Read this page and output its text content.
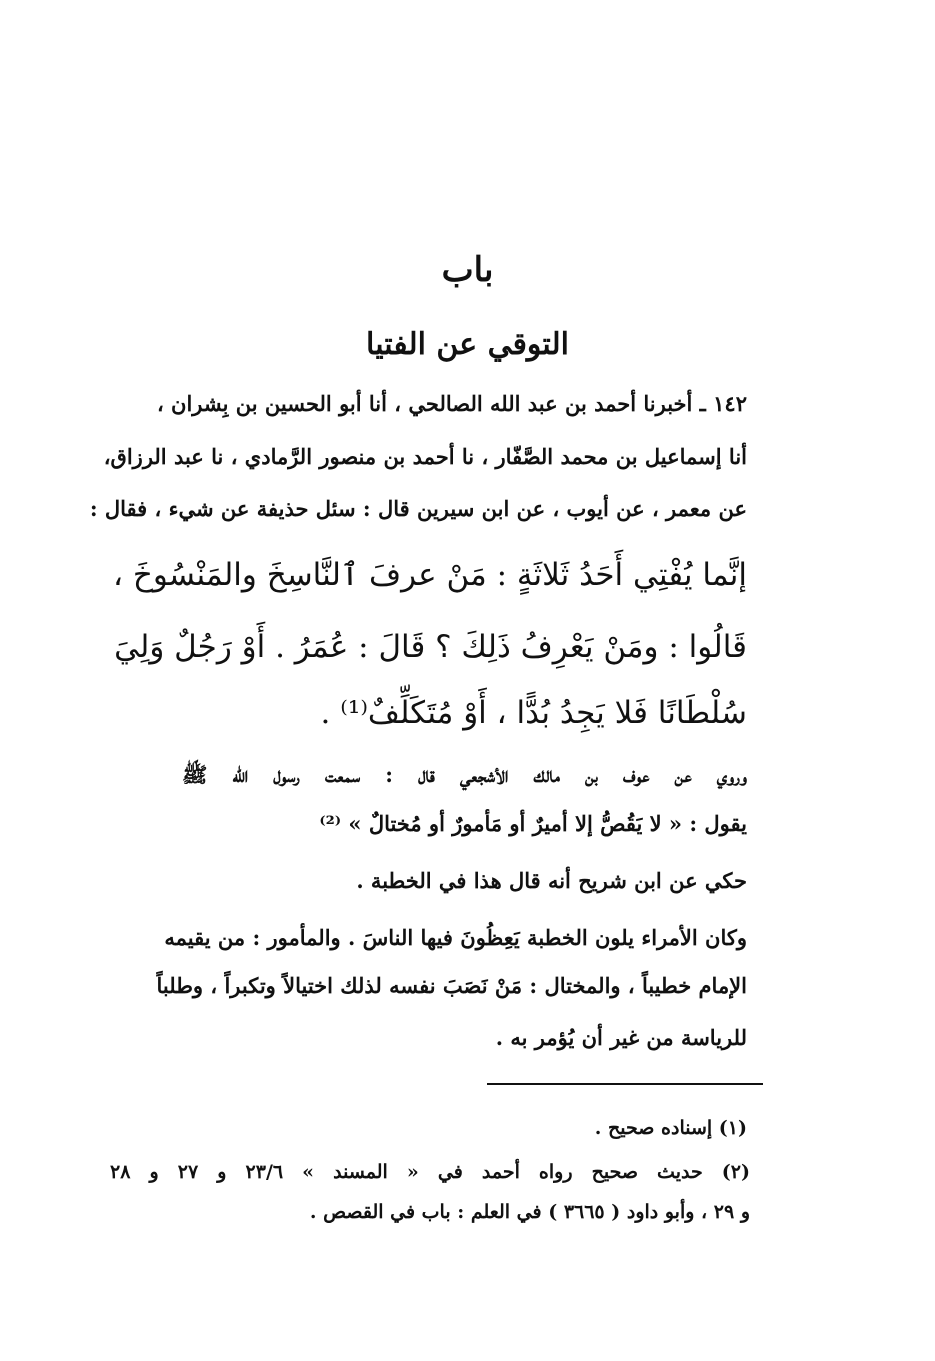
باب
التوقي عن الفتيا
١٤٢ ـ أخبرنا أحمد بن عبد الله الصالحي ، أنا أبو الحسين بن بِشران ،
أنا إسماعيل بن محمد الصَّفّار ، نا أحمد بن منصور الرَّمادي ، نا عبد الرزاق،
عن معمر ، عن أيوب ، عن ابن سيرين قال : سئل حذيفة عن شيء ، فقال :
إنَّما يُفْتِي أَحَدُ ثَلاثَةٍ : مَنْ عرفَ ٱلنَّاسِخَ والمَنْسُوخَ ،
قَالُوا : ومَنْ يَعْرِفُ ذَلِكَ ؟ قَالَ : عُمَرُ . أَوْ رَجُلٌ وَلِيَ
سُلْطَانًا فَلا يَجِدُ بُدًّا ، أَوْ مُتَكَلِّفٌ⁽¹⁾ .
وروي عن عوف بن مالك الأشجعي قال : سمعت رسول الله ﷺ
يقول : « لا يَقُصُّ إلا أميرٌ أو مَأمورٌ أو مُختالٌ » ⁽²⁾
حكي عن ابن شريح أنه قال هذا في الخطبة .
وكان الأمراء يلون الخطبة يَعِظُونَ فيها الناسَ . والمأمور : من يقيمه
الإمام خطيباً ، والمختال : مَنْ نَصَبَ نفسه لذلك اختيالاً وتكبراً ، وطلباً
للرياسة من غير أن يُؤمر به .
(١) إسناده صحيح .
(٢) حديث صحيح رواه أحمد في « المسند » ٢٣/٦ و ٢٧ و ٢٨
و ٢٩ ، وأبو داود ( ٣٦٦٥ ) في العلم : باب في القصص .
